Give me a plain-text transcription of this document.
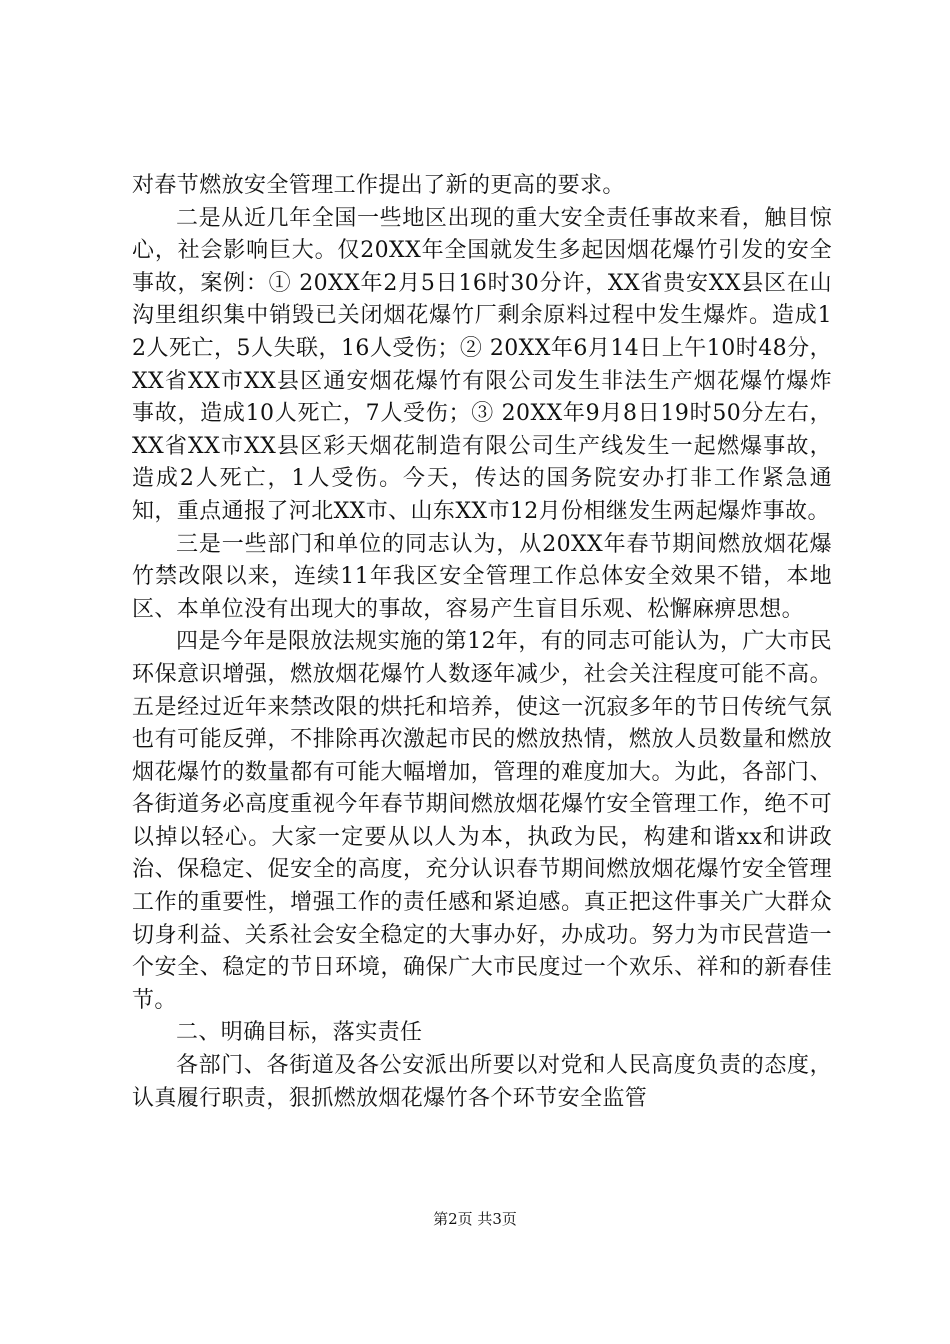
对春节燃放安全管理工作提出了新的更高的要求。

二是从近几年全国一些地区出现的重大安全责任事故来看，触目惊心，社会影响巨大。仅20XX年全国就发生多起因烟花爆竹引发的安全事故，案例：① 20XX年2月5日16时30分许，XX省贵安XX县区在山沟里组织集中销毁已关闭烟花爆竹厂剩余原料过程中发生爆炸。造成12人死亡，5人失联，16人受伤；② 20XX年6月14日上午10时48分，XX省XX市XX县区通安烟花爆竹有限公司发生非法生产烟花爆竹爆炸事故，造成10人死亡，7人受伤；③ 20XX年9月8日19时50分左右，XX省XX市XX县区彩天烟花制造有限公司生产线发生一起燃爆事故，造成2人死亡，1人受伤。今天，传达的国务院安办打非工作紧急通知，重点通报了河北XX市、山东XX市12月份相继发生两起爆炸事故。

三是一些部门和单位的同志认为，从20XX年春节期间燃放烟花爆竹禁改限以来，连续11年我区安全管理工作总体安全效果不错，本地区、本单位没有出现大的事故，容易产生盲目乐观、松懈麻痹思想。

四是今年是限放法规实施的第12年，有的同志可能认为，广大市民环保意识增强，燃放烟花爆竹人数逐年减少，社会关注程度可能不高。五是经过近年来禁改限的烘托和培养，使这一沉寂多年的节日传统气氛也有可能反弹，不排除再次激起市民的燃放热情，燃放人员数量和燃放烟花爆竹的数量都有可能大幅增加，管理的难度加大。为此，各部门、各街道务必高度重视今年春节期间燃放烟花爆竹安全管理工作，绝不可以掉以轻心。大家一定要从以人为本，执政为民，构建和谐xx和讲政治、保稳定、促安全的高度，充分认识春节期间燃放烟花爆竹安全管理工作的重要性，增强工作的责任感和紧迫感。真正把这件事关广大群众切身利益、关系社会安全稳定的大事办好，办成功。努力为市民营造一个安全、稳定的节日环境，确保广大市民度过一个欢乐、祥和的新春佳节。

二、明确目标，落实责任

各部门、各街道及各公安派出所要以对党和人民高度负责的态度，认真履行职责，狠抓燃放烟花爆竹各个环节安全监管

第2页 共3页
